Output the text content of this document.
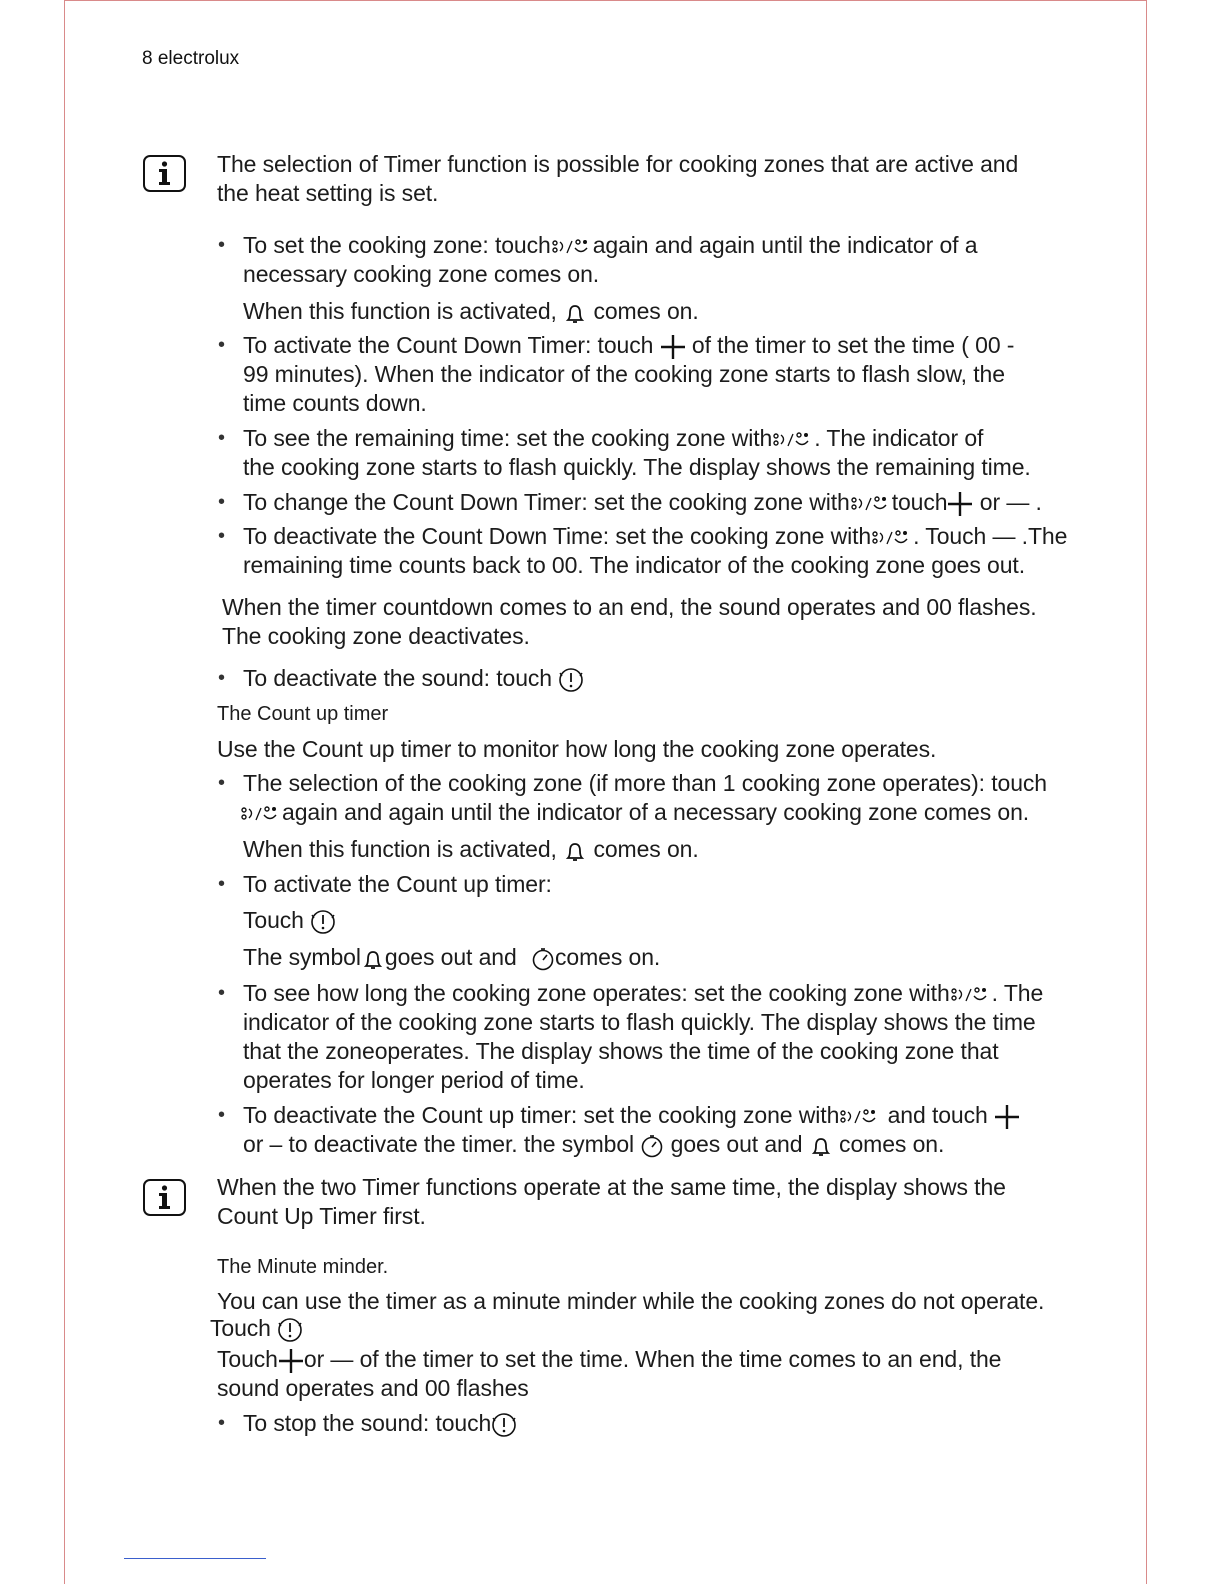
8 electrolux
The selection of Timer function is possible for cooking zones that are active and
the heat setting is set.
• To set the cooking zone: touch again and again until the indicator of a
necessary cooking zone comes on.
When this function is activated, comes on.
• To activate the Count Down Timer: touch of the timer to set the time ( 00 -
99 minutes). When the indicator of the cooking zone starts to flash slow, the
time counts down.
• To see the remaining time: set the cooking zone with . The indicator of
the cooking zone starts to flash quickly. The display shows the remaining time.
• To change the Count Down Timer: set the cooking zone with touch or — .
• To deactivate the Count Down Time: set the cooking zone with . Touch — .The
remaining time counts back to 00. The indicator of the cooking zone goes out.
When the timer countdown comes to an end, the sound operates and 00 flashes.
The cooking zone deactivates.
• To deactivate the sound: touch
The Count up timer
Use the Count up timer to monitor how long the cooking zone operates.
• The selection of the cooking zone (if more than 1 cooking zone operates): touch
again and again until the indicator of a necessary cooking zone comes on.
When this function is activated, comes on.
• To activate the Count up timer:
Touch
The symbol goes out and comes on.
• To see how long the cooking zone operates: set the cooking zone with . The
indicator of the cooking zone starts to flash quickly. The display shows the time
that the zoneoperates. The display shows the time of the cooking zone that
operates for longer period of time.
• To deactivate the Count up timer: set the cooking zone with and touch
or – to deactivate the timer. the symbol goes out and comes on.
When the two Timer functions operate at the same time, the display shows the
Count Up Timer first.
The Minute minder.
You can use the timer as a minute minder while the cooking zones do not operate.
Touch
Touch or — of the timer to set the time. When the time comes to an end, the
sound operates and 00 flashes
• To stop the sound: touch
